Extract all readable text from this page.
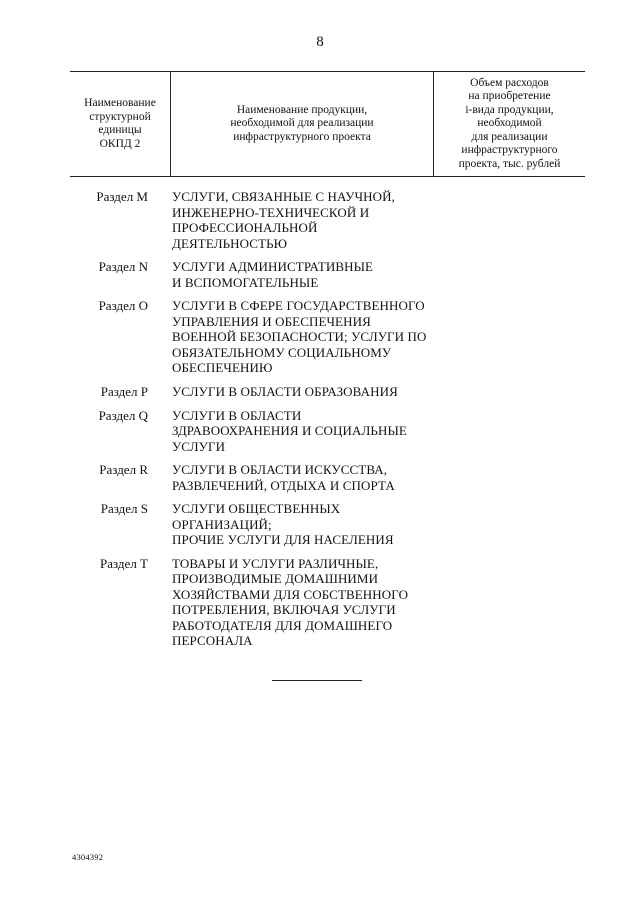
8
Наименование
структурной
единицы
ОКПД 2	Наименование продукции,
необходимой для реализации
инфраструктурного проекта	Объем расходов
на приобретение
i-вида продукции,
необходимой
для реализации
инфраструктурного
проекта, тыс. рублей
Раздел М УСЛУГИ, СВЯЗАННЫЕ С НАУЧНОЙ,
ИНЖЕНЕРНО-ТЕХНИЧЕСКОЙ И
ПРОФЕССИОНАЛЬНОЙ
ДЕЯТЕЛЬНОСТЬЮ
Раздел N УСЛУГИ АДМИНИСТРАТИВНЫЕ
И ВСПОМОГАТЕЛЬНЫЕ
Раздел О УСЛУГИ В СФЕРЕ ГОСУДАРСТВЕННОГО
УПРАВЛЕНИЯ И ОБЕСПЕЧЕНИЯ
ВОЕННОЙ БЕЗОПАСНОСТИ; УСЛУГИ ПО
ОБЯЗАТЕЛЬНОМУ СОЦИАЛЬНОМУ
ОБЕСПЕЧЕНИЮ
Раздел Р УСЛУГИ В ОБЛАСТИ ОБРАЗОВАНИЯ
Раздел Q УСЛУГИ В ОБЛАСТИ
ЗДРАВООХРАНЕНИЯ И СОЦИАЛЬНЫЕ
УСЛУГИ
Раздел R УСЛУГИ В ОБЛАСТИ ИСКУССТВА,
РАЗВЛЕЧЕНИЙ, ОТДЫХА И СПОРТА
Раздел S УСЛУГИ ОБЩЕСТВЕННЫХ
ОРГАНИЗАЦИЙ;
ПРОЧИЕ УСЛУГИ ДЛЯ НАСЕЛЕНИЯ
Раздел Т ТОВАРЫ И УСЛУГИ РАЗЛИЧНЫЕ,
ПРОИЗВОДИМЫЕ ДОМАШНИМИ
ХОЗЯЙСТВАМИ ДЛЯ СОБСТВЕННОГО
ПОТРЕБЛЕНИЯ, ВКЛЮЧАЯ УСЛУГИ
РАБОТОДАТЕЛЯ ДЛЯ ДОМАШНЕГО
ПЕРСОНАЛА
4304392
